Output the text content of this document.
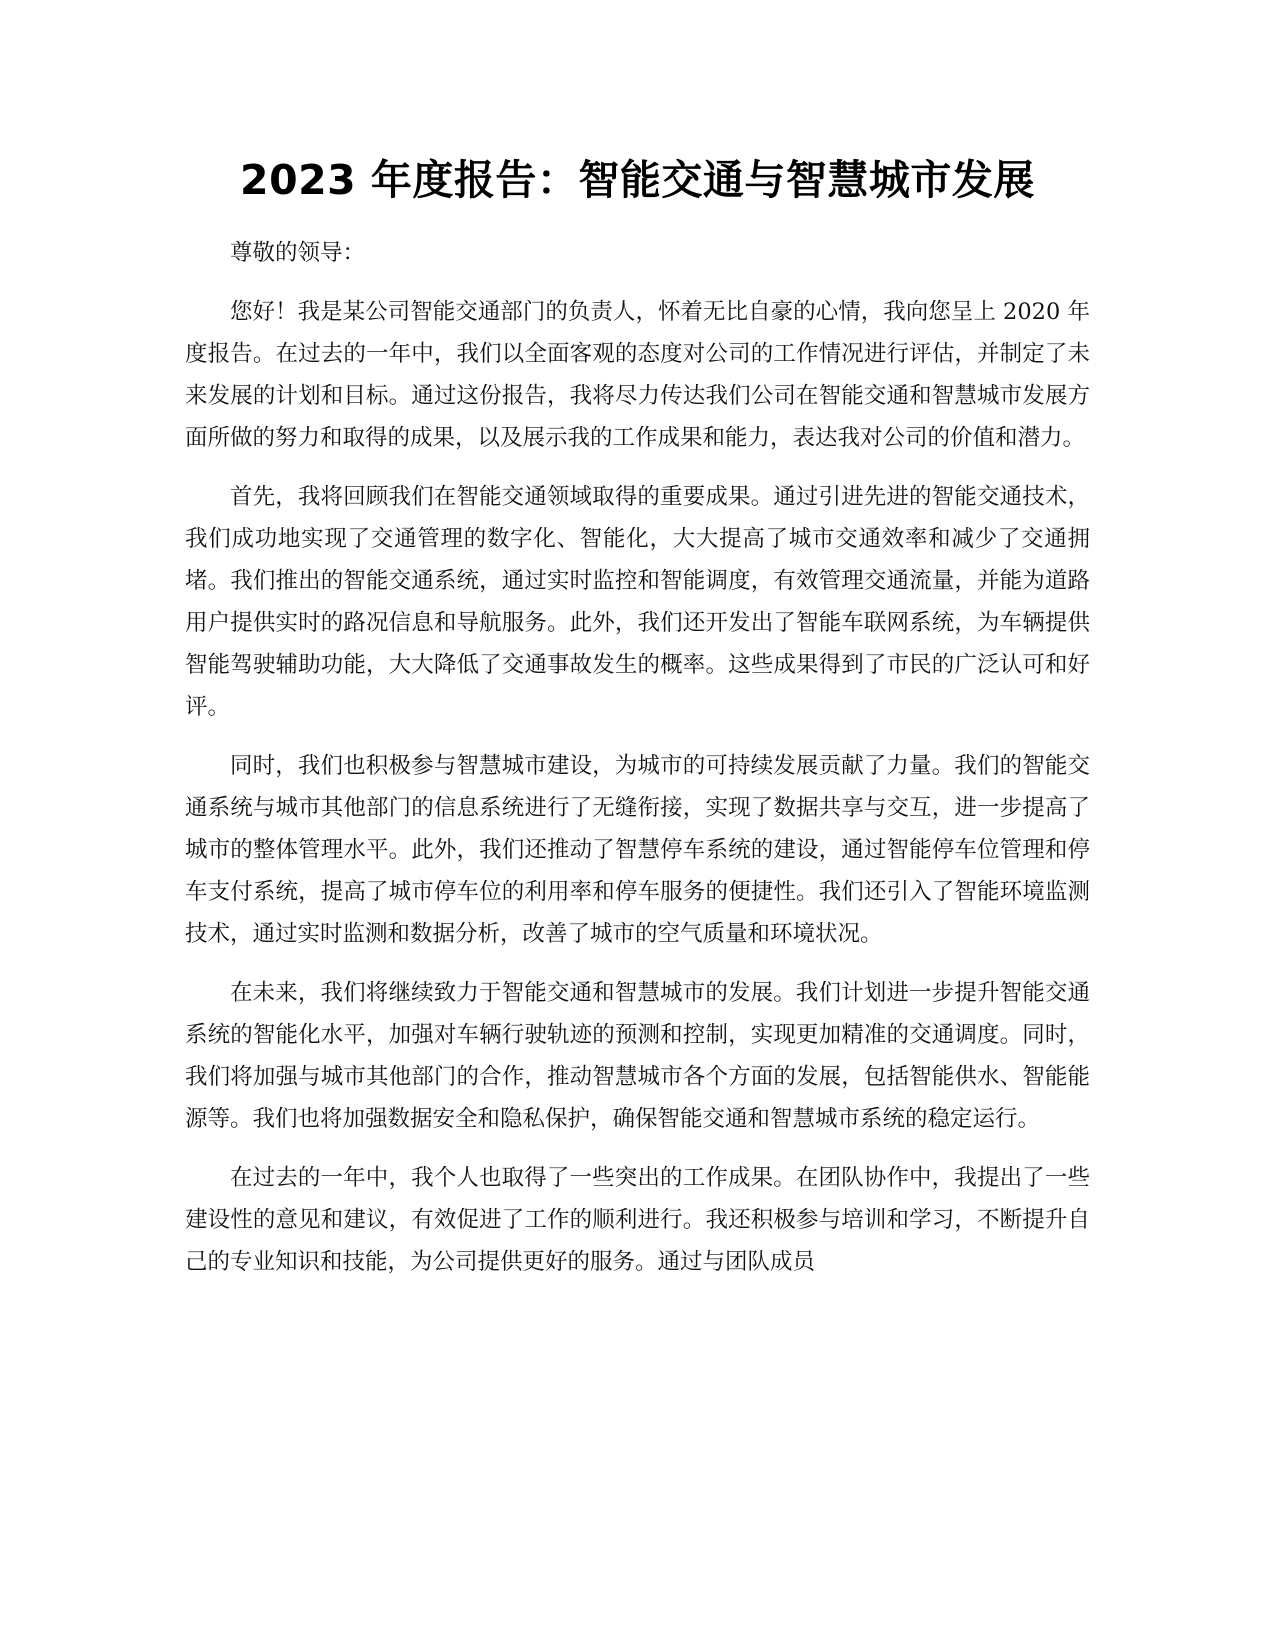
2023 年度报告：智能交通与智慧城市发展

尊敬的领导：

您好！我是某公司智能交通部门的负责人，怀着无比自豪的心情，我向您呈上 2020 年度报告。在过去的一年中，我们以全面客观的态度对公司的工作情况进行评估，并制定了未来发展的计划和目标。通过这份报告，我将尽力传达我们公司在智能交通和智慧城市发展方面所做的努力和取得的成果，以及展示我的工作成果和能力，表达我对公司的价值和潜力。

首先，我将回顾我们在智能交通领域取得的重要成果。通过引进先进的智能交通技术，我们成功地实现了交通管理的数字化、智能化，大大提高了城市交通效率和减少了交通拥堵。我们推出的智能交通系统，通过实时监控和智能调度，有效管理交通流量，并能为道路用户提供实时的路况信息和导航服务。此外，我们还开发出了智能车联网系统，为车辆提供智能驾驶辅助功能，大大降低了交通事故发生的概率。这些成果得到了市民的广泛认可和好评。

同时，我们也积极参与智慧城市建设，为城市的可持续发展贡献了力量。我们的智能交通系统与城市其他部门的信息系统进行了无缝衔接，实现了数据共享与交互，进一步提高了城市的整体管理水平。此外，我们还推动了智慧停车系统的建设，通过智能停车位管理和停车支付系统，提高了城市停车位的利用率和停车服务的便捷性。我们还引入了智能环境监测技术，通过实时监测和数据分析，改善了城市的空气质量和环境状况。

在未来，我们将继续致力于智能交通和智慧城市的发展。我们计划进一步提升智能交通系统的智能化水平，加强对车辆行驶轨迹的预测和控制，实现更加精准的交通调度。同时，我们将加强与城市其他部门的合作，推动智慧城市各个方面的发展，包括智能供水、智能能源等。我们也将加强数据安全和隐私保护，确保智能交通和智慧城市系统的稳定运行。

在过去的一年中，我个人也取得了一些突出的工作成果。在团队协作中，我提出了一些建设性的意见和建议，有效促进了工作的顺利进行。我还积极参与培训和学习，不断提升自己的专业知识和技能，为公司提供更好的服务。通过与团队成员
